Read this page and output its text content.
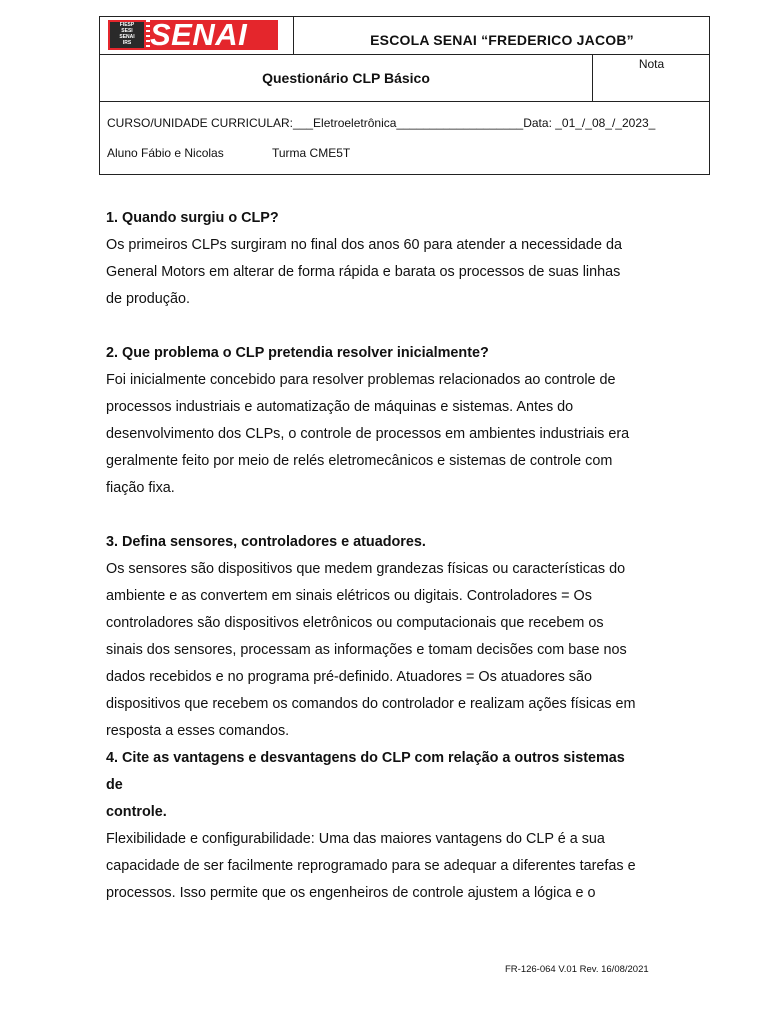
FIESP
SESI
SENAI
IRS SENAI	ESCOLA SENAI “FREDERICO JACOB”
Questionário CLP Básico
Nota
CURSO/UNIDADE CURRICULAR:___Eletroeletrônica___________________Data: _01_/_08_/_2023_
Aluno Fábio e Nicolas	Turma CME5T

1. Quando surgiu o CLP?

Os primeiros CLPs surgiram no final dos anos 60 para atender a necessidade da

General Motors em alterar de forma rápida e barata os processos de suas linhas

de produção.

2. Que problema o CLP pretendia resolver inicialmente?

Foi inicialmente concebido para resolver problemas relacionados ao controle de

processos industriais e automatização de máquinas e sistemas. Antes do

desenvolvimento dos CLPs, o controle de processos em ambientes industriais era

geralmente feito por meio de relés eletromecânicos e sistemas de controle com

fiação fixa.

3. Defina sensores, controladores e atuadores.

Os sensores são dispositivos que medem grandezas físicas ou características do

ambiente e as convertem em sinais elétricos ou digitais. Controladores = Os

controladores são dispositivos eletrônicos ou computacionais que recebem os

sinais dos sensores, processam as informações e tomam decisões com base nos

dados recebidos e no programa pré-definido. Atuadores = Os atuadores são

dispositivos que recebem os comandos do controlador e realizam ações físicas em

resposta a esses comandos.

4. Cite as vantagens e desvantagens do CLP com relação a outros sistemas

de

controle.

Flexibilidade e configurabilidade: Uma das maiores vantagens do CLP é a sua

capacidade de ser facilmente reprogramado para se adequar a diferentes tarefas e

processos. Isso permite que os engenheiros de controle ajustem a lógica e o

FR-126-064 V.01 Rev. 16/08/2021
